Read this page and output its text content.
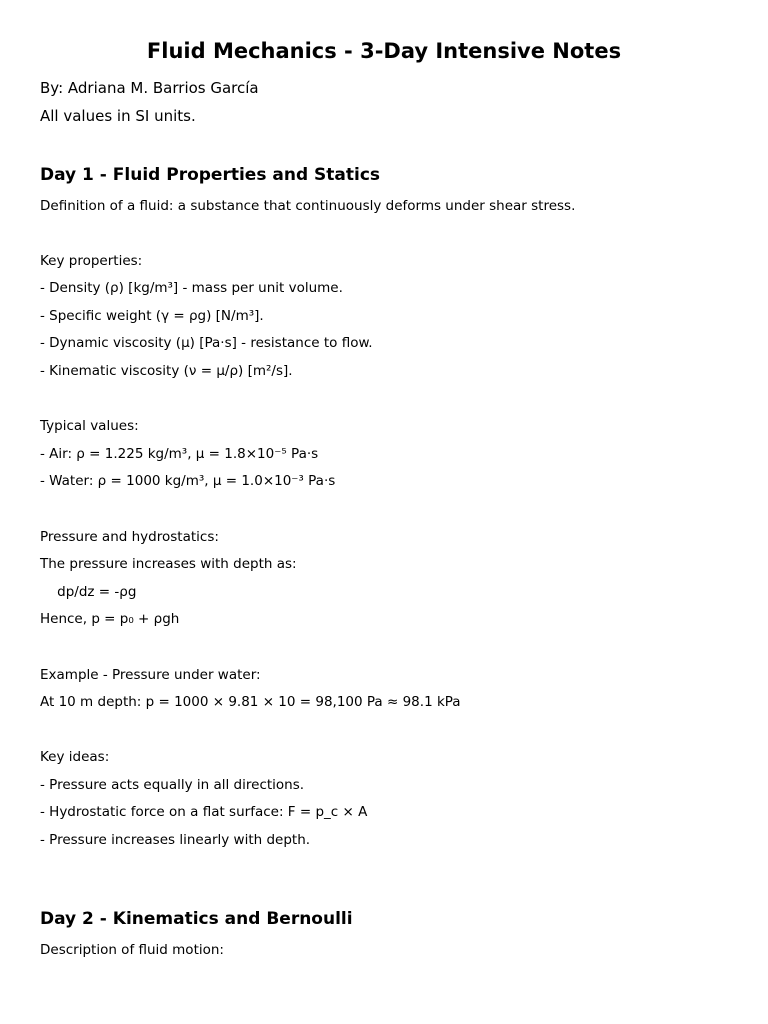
Fluid Mechanics - 3-Day Intensive Notes

By: Adriana M. Barrios García

All values in SI units.

Day 1 - Fluid Properties and Statics

Definition of a fluid: a substance that continuously deforms under shear stress.

Key properties:

- Density (ρ) [kg/m³] - mass per unit volume.

- Specific weight (γ = ρg) [N/m³].

- Dynamic viscosity (μ) [Pa·s] - resistance to flow.

- Kinematic viscosity (ν = μ/ρ) [m²/s].

Typical values:

- Air: ρ = 1.225 kg/m³, μ = 1.8×10⁻⁵ Pa·s

- Water: ρ = 1000 kg/m³, μ = 1.0×10⁻³ Pa·s

Pressure and hydrostatics:

The pressure increases with depth as:

dp/dz = -ρg

Hence, p = p₀ + ρgh

Example - Pressure under water:

At 10 m depth: p = 1000 × 9.81 × 10 = 98,100 Pa ≈ 98.1 kPa

Key ideas:

- Pressure acts equally in all directions.

- Hydrostatic force on a flat surface: F = p_c × A

- Pressure increases linearly with depth.

Day 2 - Kinematics and Bernoulli

Description of fluid motion:
